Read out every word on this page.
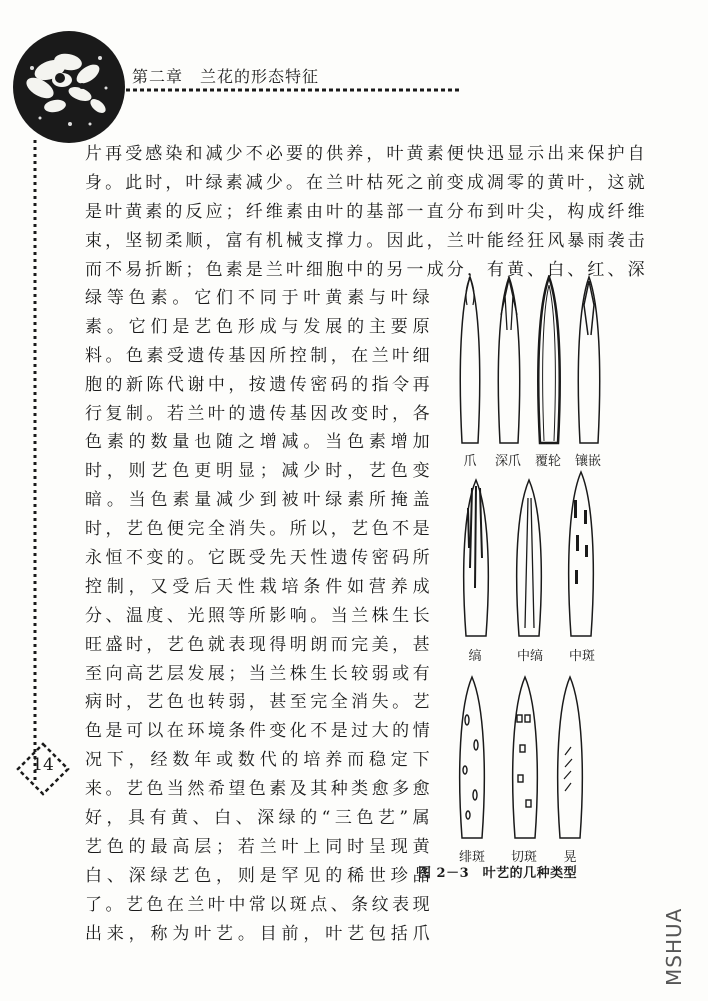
第二章　兰花的形态特征
14
片再受感染和减少不必要的供养，叶黄素便快迅显示出来保护自
身。此时，叶绿素减少。在兰叶枯死之前变成凋零的黄叶，这就
是叶黄素的反应；纤维素由叶的基部一直分布到叶尖，构成纤维
束，坚韧柔顺，富有机械支撑力。因此，兰叶能经狂风暴雨袭击
而不易折断；色素是兰叶细胞中的另一成分，有黄、白、红、深
绿等色素。它们不同于叶黄素与叶绿
素。它们是艺色形成与发展的主要原
料。色素受遗传基因所控制，在兰叶细
胞的新陈代谢中，按遗传密码的指令再
行复制。若兰叶的遗传基因改变时，各
色素的数量也随之增减。当色素增加
时，则艺色更明显；减少时，艺色变
暗。当色素量减少到被叶绿素所掩盖
时，艺色便完全消失。所以，艺色不是
永恒不变的。它既受先天性遗传密码所
控制，又受后天性栽培条件如营养成
分、温度、光照等所影响。当兰株生长
旺盛时，艺色就表现得明朗而完美，甚
至向高艺层发展；当兰株生长较弱或有
病时，艺色也转弱，甚至完全消失。艺
色是可以在环境条件变化不是过大的情
况下，经数年或数代的培养而稳定下
来。艺色当然希望色素及其种类愈多愈
好，具有黄、白、深绿的“三色艺”属
艺色的最高层；若兰叶上同时呈现黄
白、深绿艺色，则是罕见的稀世珍品
了。艺色在兰叶中常以斑点、条纹表现
出来，称为叶艺。目前，叶艺包括爪
爪	深爪	覆轮	镶嵌
缟	中缟	中斑
绯斑	切斑	晃
图 2－3　叶艺的几种类型
MSHUA
